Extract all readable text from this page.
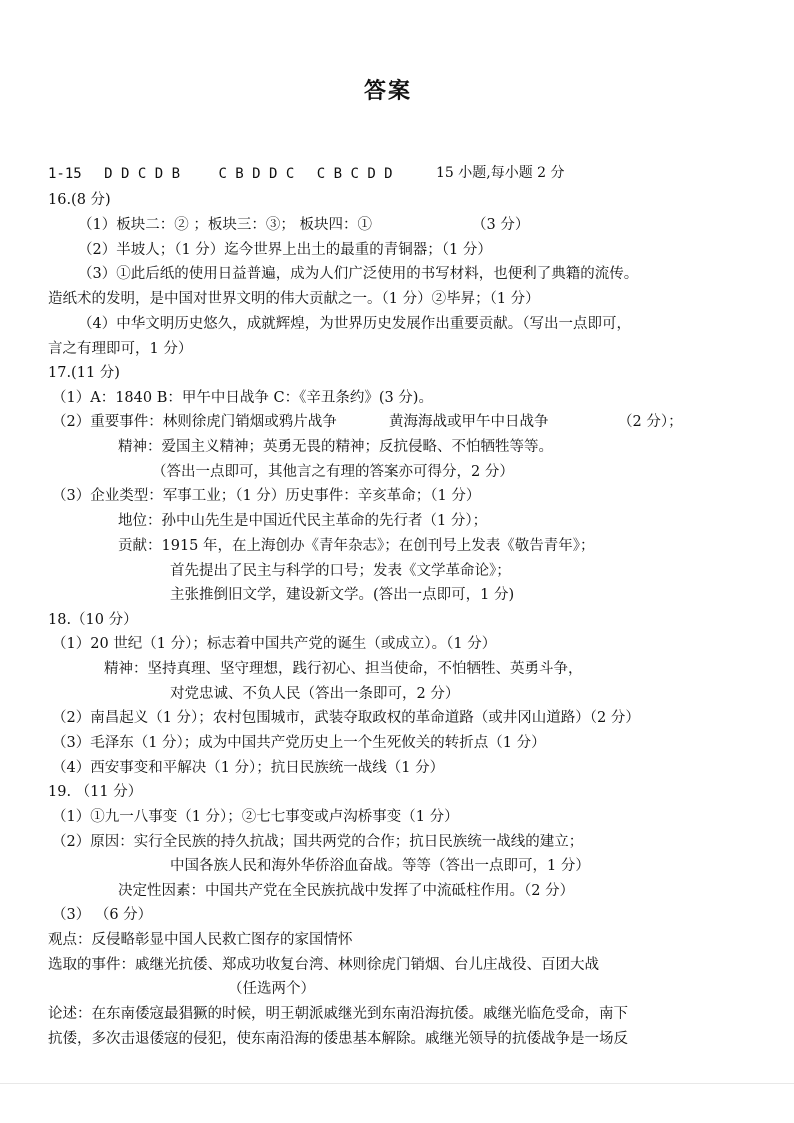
答案
1-15 D D C D B	C B D D C C B C D D	15 小题,每小题 2 分
16.(8 分)
（1）板块二：② ；板块三：③； 板块四：①	（3 分）
（2）半坡人；（1 分）迄今世界上出土的最重的青铜器；（1 分）
（3）①此后纸的使用日益普遍，成为人们广泛使用的书写材料，也便利了典籍的流传。
造纸术的发明，是中国对世界文明的伟大贡献之一。（1 分）②毕昇；（1 分）
（4）中华文明历史悠久，成就辉煌，为世界历史发展作出重要贡献。（写出一点即可，
言之有理即可，1 分）
17.(11 分)
（1）A：1840 B：甲午中日战争 C：《辛丑条约》(3 分)。
（2）重要事件：林则徐虎门销烟或鸦片战争	黄海海战或甲午中日战争	（2 分）；
精神：爱国主义精神；英勇无畏的精神；反抗侵略、不怕牺牲等等。
（答出一点即可，其他言之有理的答案亦可得分，2 分）
（3）企业类型：军事工业；（1 分）历史事件：辛亥革命；（1 分）
地位：孙中山先生是中国近代民主革命的先行者（1 分）；
贡献：1915 年，在上海创办《青年杂志》；在创刊号上发表《敬告青年》；
首先提出了民主与科学的口号；发表《文学革命论》；
主张推倒旧文学，建设新文学。(答出一点即可，1 分)
18.（10 分）
（1）20 世纪（1 分）；标志着中国共产党的诞生（或成立）。（1 分）
精神：坚持真理、坚守理想，践行初心、担当使命，不怕牺牲、英勇斗争，
对党忠诚、不负人民（答出一条即可，2 分）
（2）南昌起义（1 分）；农村包围城市，武装夺取政权的革命道路（或井冈山道路）（2 分）
（3）毛泽东（1 分）；成为中国共产党历史上一个生死攸关的转折点（1 分）
（4）西安事变和平解决（1 分）；抗日民族统一战线（1 分）
19. （11 分）
（1）①九一八事变（1 分）；②七七事变或卢沟桥事变（1 分）
（2）原因：实行全民族的持久抗战；国共两党的合作；抗日民族统一战线的建立；
中国各族人民和海外华侨浴血奋战。等等（答出一点即可，1 分）
决定性因素：中国共产党在全民族抗战中发挥了中流砥柱作用。（2 分）
（3） （6 分）
观点：反侵略彰显中国人民救亡图存的家国情怀
选取的事件：戚继光抗倭、郑成功收复台湾、林则徐虎门销烟、台儿庄战役、百团大战
（任选两个）
论述：在东南倭寇最猖獗的时候，明王朝派戚继光到东南沿海抗倭。戚继光临危受命，南下
抗倭，多次击退倭寇的侵犯，使东南沿海的倭患基本解除。戚继光领导的抗倭战争是一场反
